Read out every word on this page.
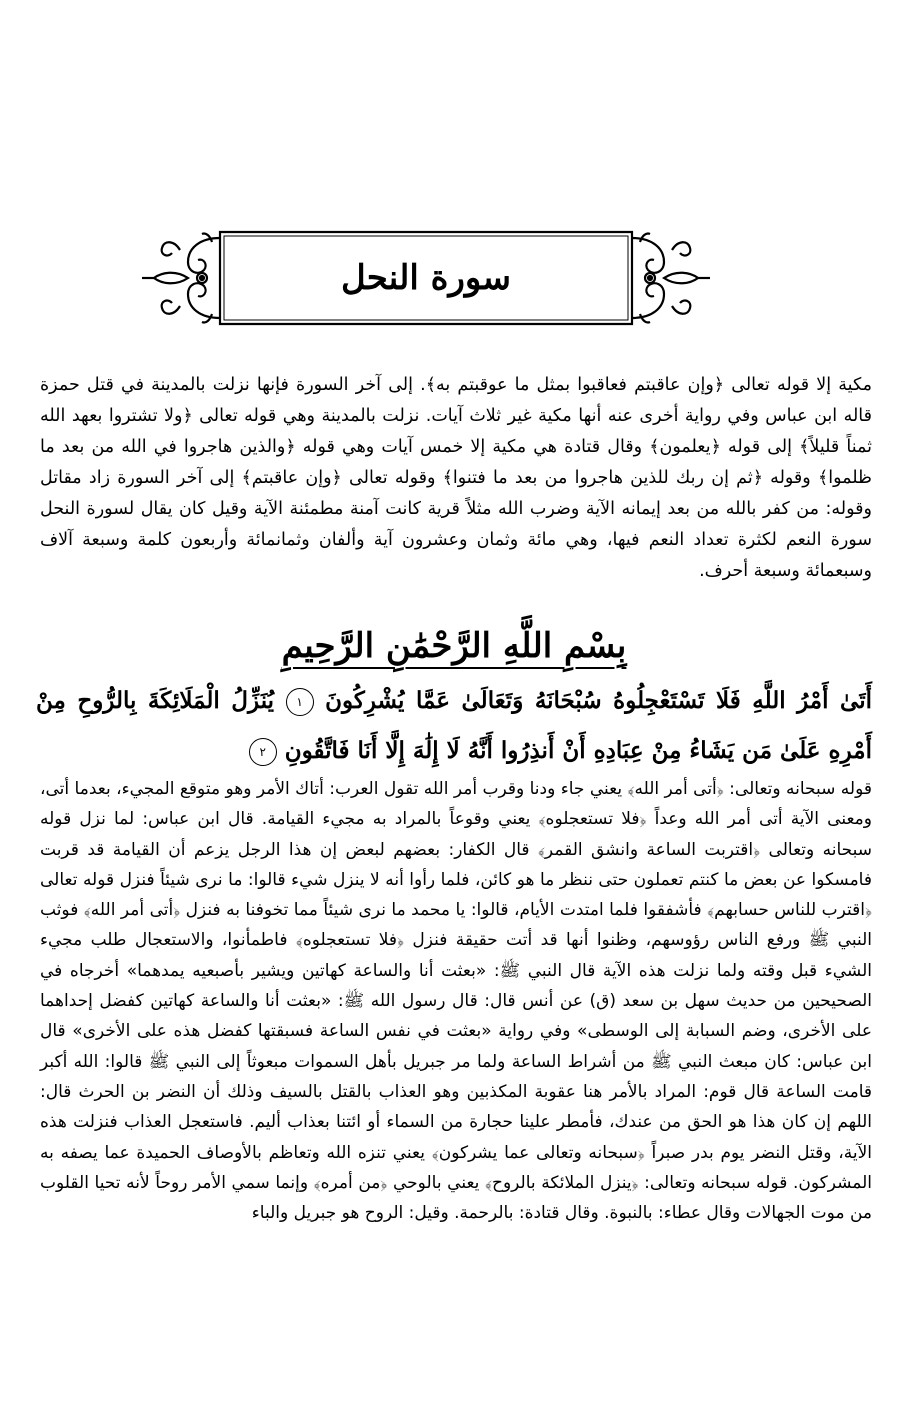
سورة النحل

مكية إلا قوله تعالى ﴿وإن عاقبتم فعاقبوا بمثل ما عوقبتم به﴾. إلى آخر السورة فإنها نزلت بالمدينة في قتل حمزة قاله ابن عباس وفي رواية أخرى عنه أنها مكية غير ثلاث آيات. نزلت بالمدينة وهي قوله تعالى ﴿ولا تشتروا بعهد الله ثمناً قليلاً﴾ إلى قوله ﴿يعلمون﴾ وقال قتادة هي مكية إلا خمس آيات وهي قوله ﴿والذين هاجروا في الله من بعد ما ظلموا﴾ وقوله ﴿ثم إن ربك للذين هاجروا من بعد ما فتنوا﴾ وقوله تعالى ﴿وإن عاقبتم﴾ إلى آخر السورة زاد مقاتل وقوله: من كفر بالله من بعد إيمانه الآية وضرب الله مثلاً قرية كانت آمنة مطمئنة الآية وقيل كان يقال لسورة النحل سورة النعم لكثرة تعداد النعم فيها، وهي مائة وثمان وعشرون آية وألفان وثمانمائة وأربعون كلمة وسبعة آلاف وسبعمائة وسبعة أحرف.

بِسْمِ اللَّهِ الرَّحْمَٰنِ الرَّحِيمِ
أَتَىٰ أَمْرُ اللَّهِ فَلَا تَسْتَعْجِلُوهُ سُبْحَانَهُ وَتَعَالَىٰ عَمَّا يُشْرِكُونَ ١ يُنَزِّلُ الْمَلَائِكَةَ بِالرُّوحِ مِنْ أَمْرِهِ عَلَىٰ مَن يَشَاءُ مِنْ عِبَادِهِ أَنْ أَنذِرُوا أَنَّهُ لَا إِلَٰهَ إِلَّا أَنَا فَاتَّقُونِ ٢

قوله سبحانه وتعالى: ﴿أتى أمر الله﴾ يعني جاء ودنا وقرب أمر الله تقول العرب: أتاك الأمر وهو متوقع المجيء، بعدما أتى، ومعنى الآية أتى أمر الله وعداً ﴿فلا تستعجلوه﴾ يعني وقوعاً بالمراد به مجيء القيامة. قال ابن عباس: لما نزل قوله سبحانه وتعالى ﴿اقتربت الساعة وانشق القمر﴾ قال الكفار: بعضهم لبعض إن هذا الرجل يزعم أن القيامة قد قربت فامسكوا عن بعض ما كنتم تعملون حتى ننظر ما هو كائن، فلما رأوا أنه لا ينزل شيء قالوا: ما نرى شيئاً فنزل قوله تعالى ﴿اقترب للناس حسابهم﴾ فأشفقوا فلما امتدت الأيام، قالوا: يا محمد ما نرى شيئاً مما تخوفنا به فنزل ﴿أتى أمر الله﴾ فوثب النبي ﷺ ورفع الناس رؤوسهم، وظنوا أنها قد أتت حقيقة فنزل ﴿فلا تستعجلوه﴾ فاطمأنوا، والاستعجال طلب مجيء الشيء قبل وقته ولما نزلت هذه الآية قال النبي ﷺ: «بعثت أنا والساعة كهاتين ويشير بأصبعيه يمدهما» أخرجاه في الصحيحين من حديث سهل بن سعد (ق) عن أنس قال: قال رسول الله ﷺ: «بعثت أنا والساعة كهاتين كفضل إحداهما على الأخرى، وضم السبابة إلى الوسطى» وفي رواية «بعثت في نفس الساعة فسبقتها كفضل هذه على الأخرى» قال ابن عباس: كان مبعث النبي ﷺ من أشراط الساعة ولما مر جبريل بأهل السموات مبعوثاً إلى النبي ﷺ قالوا: الله أكبر قامت الساعة قال قوم: المراد بالأمر هنا عقوبة المكذبين وهو العذاب بالقتل بالسيف وذلك أن النضر بن الحرث قال: اللهم إن كان هذا هو الحق من عندك، فأمطر علينا حجارة من السماء أو ائتنا بعذاب أليم. فاستعجل العذاب فنزلت هذه الآية، وقتل النضر يوم بدر صبراً ﴿سبحانه وتعالى عما يشركون﴾ يعني تنزه الله وتعاظم بالأوصاف الحميدة عما يصفه به المشركون. قوله سبحانه وتعالى: ﴿ينزل الملائكة بالروح﴾ يعني بالوحي ﴿من أمره﴾ وإنما سمي الأمر روحاً لأنه تحيا القلوب من موت الجهالات وقال عطاء: بالنبوة. وقال قتادة: بالرحمة. وقيل: الروح هو جبريل والباء
